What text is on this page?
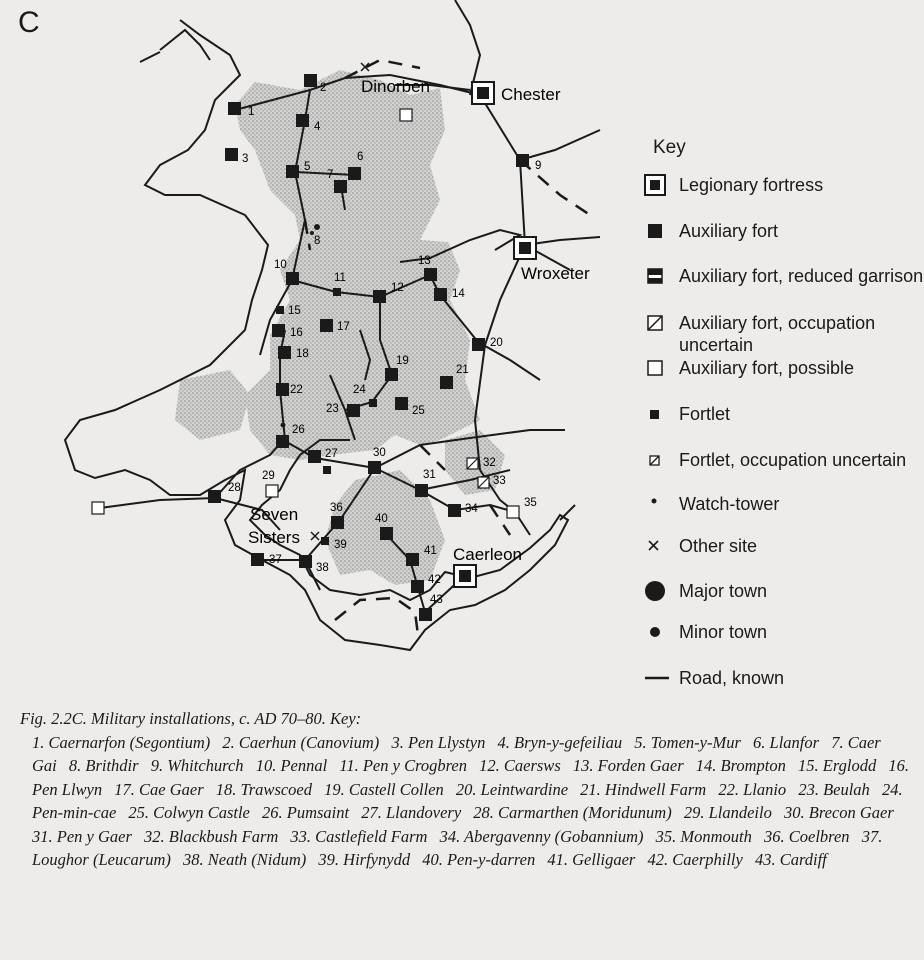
C
Dinorben	Chester
Wroxeter
Seven
Sisters
Caerleon
1
2
3
4
5
6
7
8
9
10
11
12
13
14
15
16	17
18
19
20
21
22
23
24
25
26
27
28
29
30
31
32
33
34	35
36
37
38
39
40
41
42
43
Key
Legionary fortress
Auxiliary fort
Auxiliary fort, reduced garrison
Auxiliary fort, occupation uncertain
Auxiliary fort, possible
Fortlet
Fortlet, occupation uncertain
Watch-tower
Other site
Major town
Minor town
Road, known
Fig. 2.2C. Military installations, c. AD 70–80. Key:
1. Caernarfon (Segontium) 2. Caerhun (Canovium) 3. Pen Llystyn 4. Bryn-y-gefeiliau 5. Tomen-y-Mur 6. Llanfor 7. Caer Gai 8. Brithdir 9. Whitchurch 10. Pennal 11. Pen y Crogbren 12. Caersws 13. Forden Gaer 14. Brompton 15. Erglodd 16. Pen Llwyn 17. Cae Gaer 18. Trawscoed 19. Castell Collen 20. Leintwardine 21. Hindwell Farm 22. Llanio 23. Beulah 24. Pen-min-cae 25. Colwyn Castle 26. Pumsaint 27. Llandovery 28. Carmarthen (Moridunum) 29. Llandeilo 30. Brecon Gaer 31. Pen y Gaer 32. Blackbush Farm 33. Castlefield Farm 34. Abergavenny (Gobannium) 35. Monmouth 36. Coelbren 37. Loughor (Leucarum) 38. Neath (Nidum) 39. Hirfynydd 40. Pen-y-darren 41. Gelligaer 42. Caerphilly 43. Cardiff
